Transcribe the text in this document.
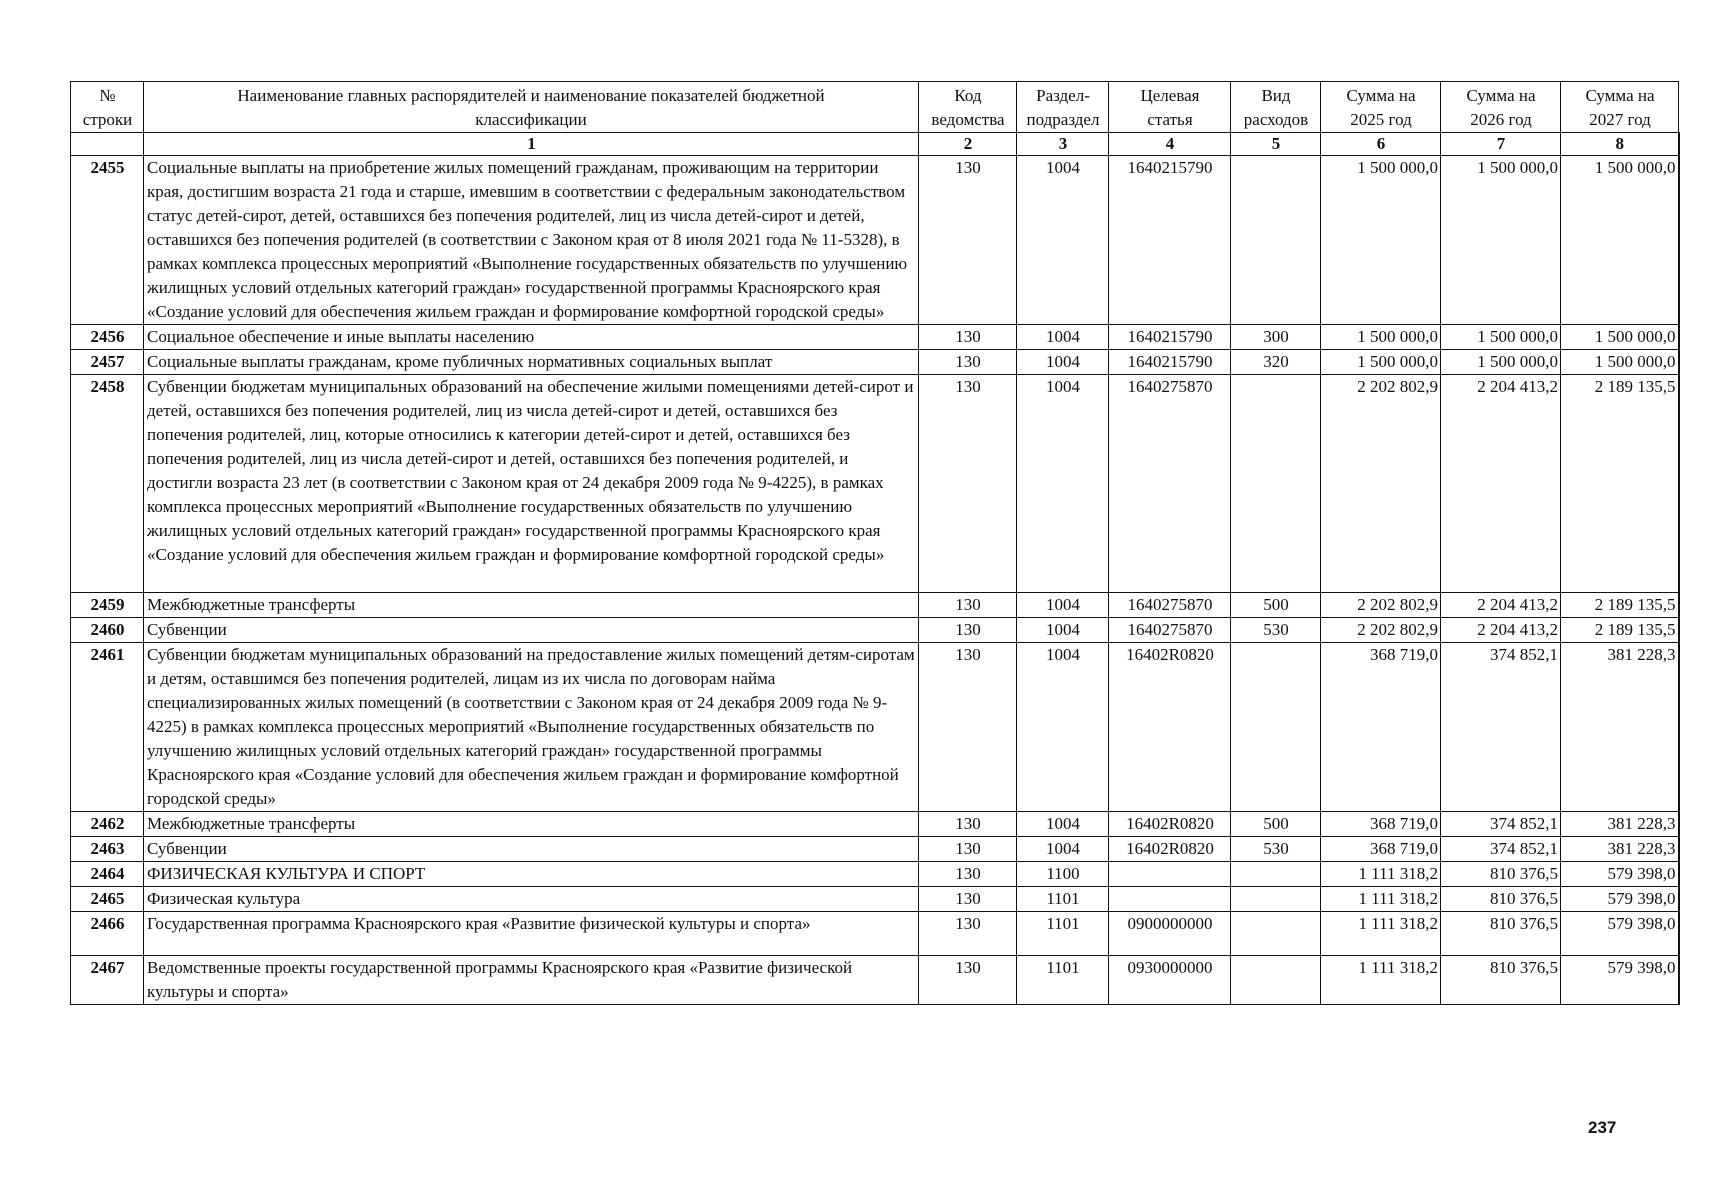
№	Наименование главных распорядителей и наименование показателей бюджетной классификации	Код	Раздел-	Целевая	Вид	Сумма на	Сумма на	Сумма на
строки		ведомства	подраздел	статья	расходов	2025 год	2026 год	2027 год
	1	2	3	4	5	6	7	8
2455	Социальные выплаты на приобретение жилых помещений гражданам, проживающим на территории края, достигшим возраста 21 года и старше, имевшим в соответствии с федеральным законодательством статус детей-сирот, детей, оставшихся без попечения родителей, лиц из числа детей-сирот и детей, оставшихся без попечения родителей (в соответствии с Законом края от 8 июля 2021 года № 11-5328), в рамках комплекса процессных мероприятий «Выполнение государственных обязательств по улучшению жилищных условий отдельных категорий граждан» государственной программы Красноярского края «Создание условий для обеспечения жильем граждан и формирование комфортной городской среды»	130	1004	1640215790		1 500 000,0	1 500 000,0	1 500 000,0
2456	Социальное обеспечение и иные выплаты населению	130	1004	1640215790	300	1 500 000,0	1 500 000,0	1 500 000,0
2457	Социальные выплаты гражданам, кроме публичных нормативных социальных выплат	130	1004	1640215790	320	1 500 000,0	1 500 000,0	1 500 000,0
2458	Субвенции бюджетам муниципальных образований на обеспечение жилыми помещениями детей-сирот и детей, оставшихся без попечения родителей, лиц из числа детей-сирот и детей, оставшихся без попечения родителей, лиц, которые относились к категории детей-сирот и детей, оставшихся без попечения родителей, лиц из числа детей-сирот и детей, оставшихся без попечения родителей, и достигли возраста 23 лет (в соответствии с Законом края от 24 декабря 2009 года № 9-4225), в рамках комплекса процессных мероприятий «Выполнение государственных обязательств по улучшению жилищных условий отдельных категорий граждан» государственной программы Красноярского края «Создание условий для обеспечения жильем граждан и формирование комфортной городской среды»	130	1004	1640275870		2 202 802,9	2 204 413,2	2 189 135,5
2459	Межбюджетные трансферты	130	1004	1640275870	500	2 202 802,9	2 204 413,2	2 189 135,5
2460	Субвенции	130	1004	1640275870	530	2 202 802,9	2 204 413,2	2 189 135,5
2461	Субвенции бюджетам муниципальных образований на предоставление жилых помещений детям-сиротам и детям, оставшимся без попечения родителей, лицам из их числа по договорам найма специализированных жилых помещений (в соответствии с Законом края от 24 декабря 2009 года № 9-4225) в рамках комплекса процессных мероприятий «Выполнение государственных обязательств по улучшению жилищных условий отдельных категорий граждан» государственной программы Красноярского края «Создание условий для обеспечения жильем граждан и формирование комфортной городской среды»	130	1004	16402R0820		368 719,0	374 852,1	381 228,3
2462	Межбюджетные трансферты	130	1004	16402R0820	500	368 719,0	374 852,1	381 228,3
2463	Субвенции	130	1004	16402R0820	530	368 719,0	374 852,1	381 228,3
2464	ФИЗИЧЕСКАЯ КУЛЬТУРА И СПОРТ	130	1100			1 111 318,2	810 376,5	579 398,0
2465	Физическая культура	130	1101			1 111 318,2	810 376,5	579 398,0
2466	Государственная программа Красноярского края «Развитие физической культуры и спорта»	130	1101	0900000000		1 111 318,2	810 376,5	579 398,0
2467	Ведомственные проекты государственной программы Красноярского края «Развитие физической культуры и спорта»	130	1101	0930000000		1 111 318,2	810 376,5	579 398,0
237
